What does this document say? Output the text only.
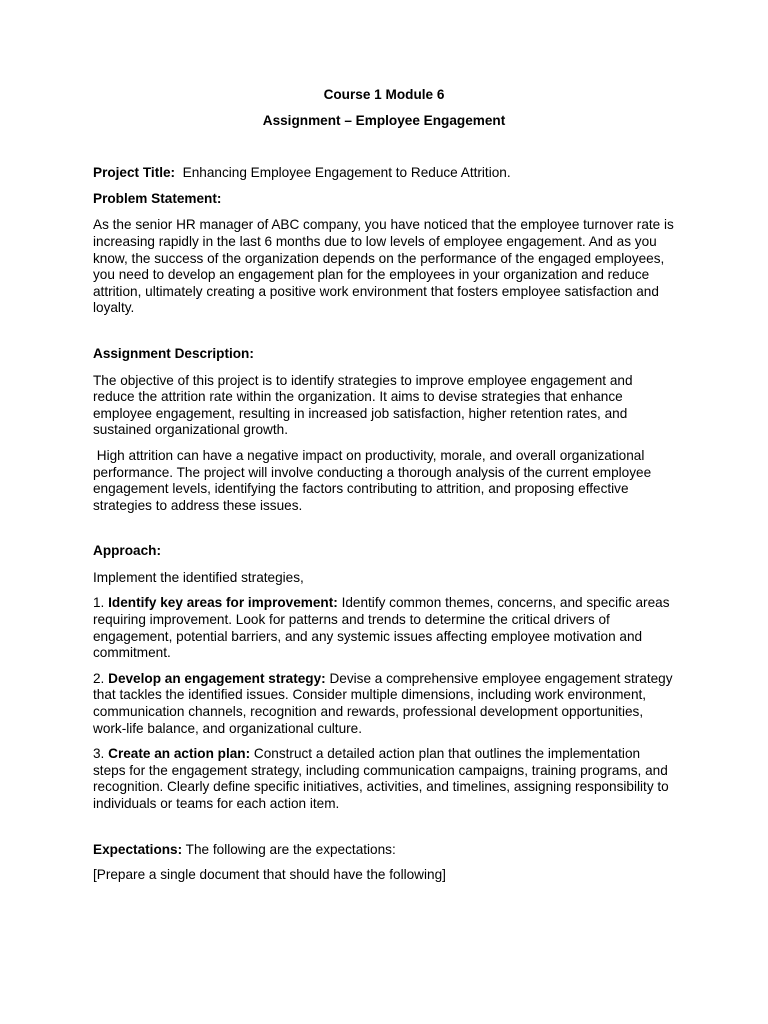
Course 1 Module 6
Assignment – Employee Engagement
Project Title: Enhancing Employee Engagement to Reduce Attrition.
Problem Statement:
As the senior HR manager of ABC company, you have noticed that the employee turnover rate is increasing rapidly in the last 6 months due to low levels of employee engagement. And as you know, the success of the organization depends on the performance of the engaged employees, you need to develop an engagement plan for the employees in your organization and reduce attrition, ultimately creating a positive work environment that fosters employee satisfaction and loyalty.
Assignment Description:
The objective of this project is to identify strategies to improve employee engagement and reduce the attrition rate within the organization. It aims to devise strategies that enhance employee engagement, resulting in increased job satisfaction, higher retention rates, and sustained organizational growth.
High attrition can have a negative impact on productivity, morale, and overall organizational performance. The project will involve conducting a thorough analysis of the current employee engagement levels, identifying the factors contributing to attrition, and proposing effective strategies to address these issues.
Approach:
Implement the identified strategies,
1. Identify key areas for improvement: Identify common themes, concerns, and specific areas requiring improvement. Look for patterns and trends to determine the critical drivers of engagement, potential barriers, and any systemic issues affecting employee motivation and commitment.
2. Develop an engagement strategy: Devise a comprehensive employee engagement strategy that tackles the identified issues. Consider multiple dimensions, including work environment, communication channels, recognition and rewards, professional development opportunities, work-life balance, and organizational culture.
3. Create an action plan: Construct a detailed action plan that outlines the implementation steps for the engagement strategy, including communication campaigns, training programs, and recognition. Clearly define specific initiatives, activities, and timelines, assigning responsibility to individuals or teams for each action item.
Expectations: The following are the expectations:
[Prepare a single document that should have the following]
